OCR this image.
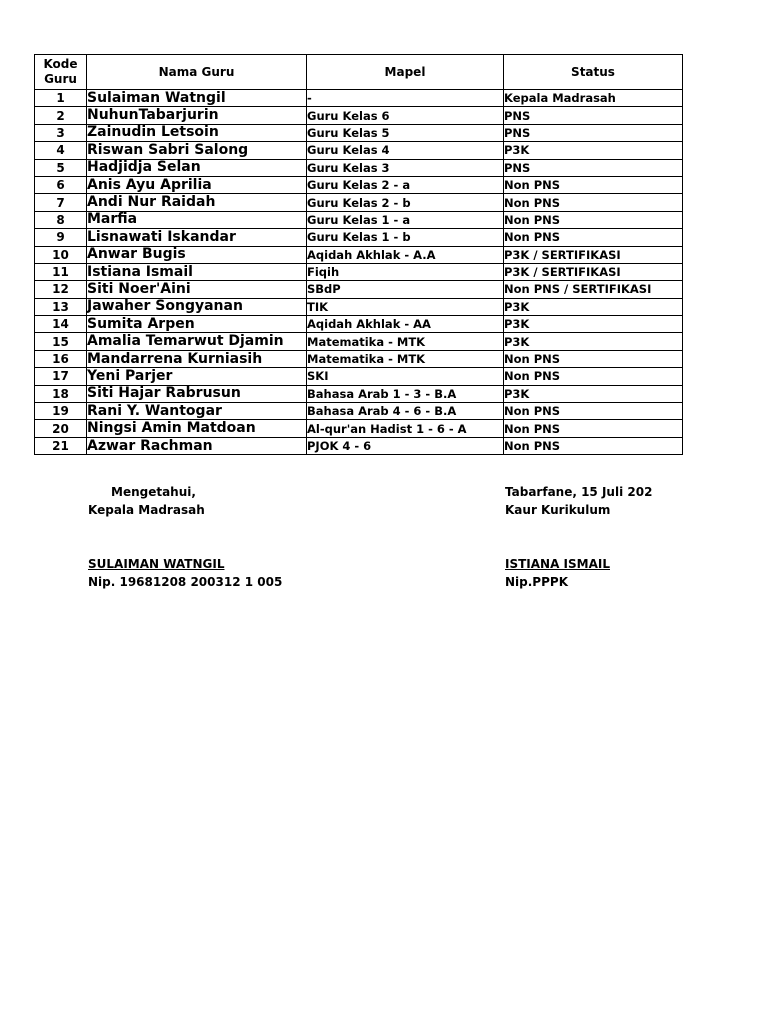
Kode Guru	Nama Guru	Mapel	Status
1	Sulaiman Watngil	-	Kepala Madrasah
2	NuhunTabarjurin	Guru Kelas 6	PNS
3	Zainudin Letsoin	Guru Kelas 5	PNS
4	Riswan Sabri Salong	Guru Kelas 4	P3K
5	Hadjidja Selan	Guru Kelas 3	PNS
6	Anis Ayu Aprilia	Guru Kelas 2 - a	Non PNS
7	Andi Nur Raidah	Guru Kelas 2 - b	Non PNS
8	Marfia	Guru Kelas 1 - a	Non PNS
9	Lisnawati Iskandar	Guru Kelas 1 - b	Non PNS
10	Anwar Bugis	Aqidah Akhlak - A.A	P3K / SERTIFIKASI
11	Istiana Ismail	Fiqih	P3K / SERTIFIKASI
12	Siti Noer'Aini	SBdP	Non PNS / SERTIFIKASI
13	Jawaher Songyanan	TIK	P3K
14	Sumita Arpen	Aqidah Akhlak - AA	P3K
15	Amalia Temarwut Djamin	Matematika - MTK	P3K
16	Mandarrena Kurniasih	Matematika - MTK	Non PNS
17	Yeni Parjer	SKI	Non PNS
18	Siti Hajar Rabrusun	Bahasa Arab 1 - 3 - B.A	P3K
19	Rani Y. Wantogar	Bahasa Arab 4 - 6 - B.A	Non PNS
20	Ningsi Amin Matdoan	Al-qur'an Hadist 1 - 6 - A	Non PNS
21	Azwar Rachman	PJOK 4 - 6	Non PNS
Mengetahui,
Kepala Madrasah
SULAIMAN WATNGIL
Nip. 19681208 200312 1 005
Tabarfane, 15 Juli 202
Kaur Kurikulum
ISTIANA ISMAIL
Nip.PPPK
